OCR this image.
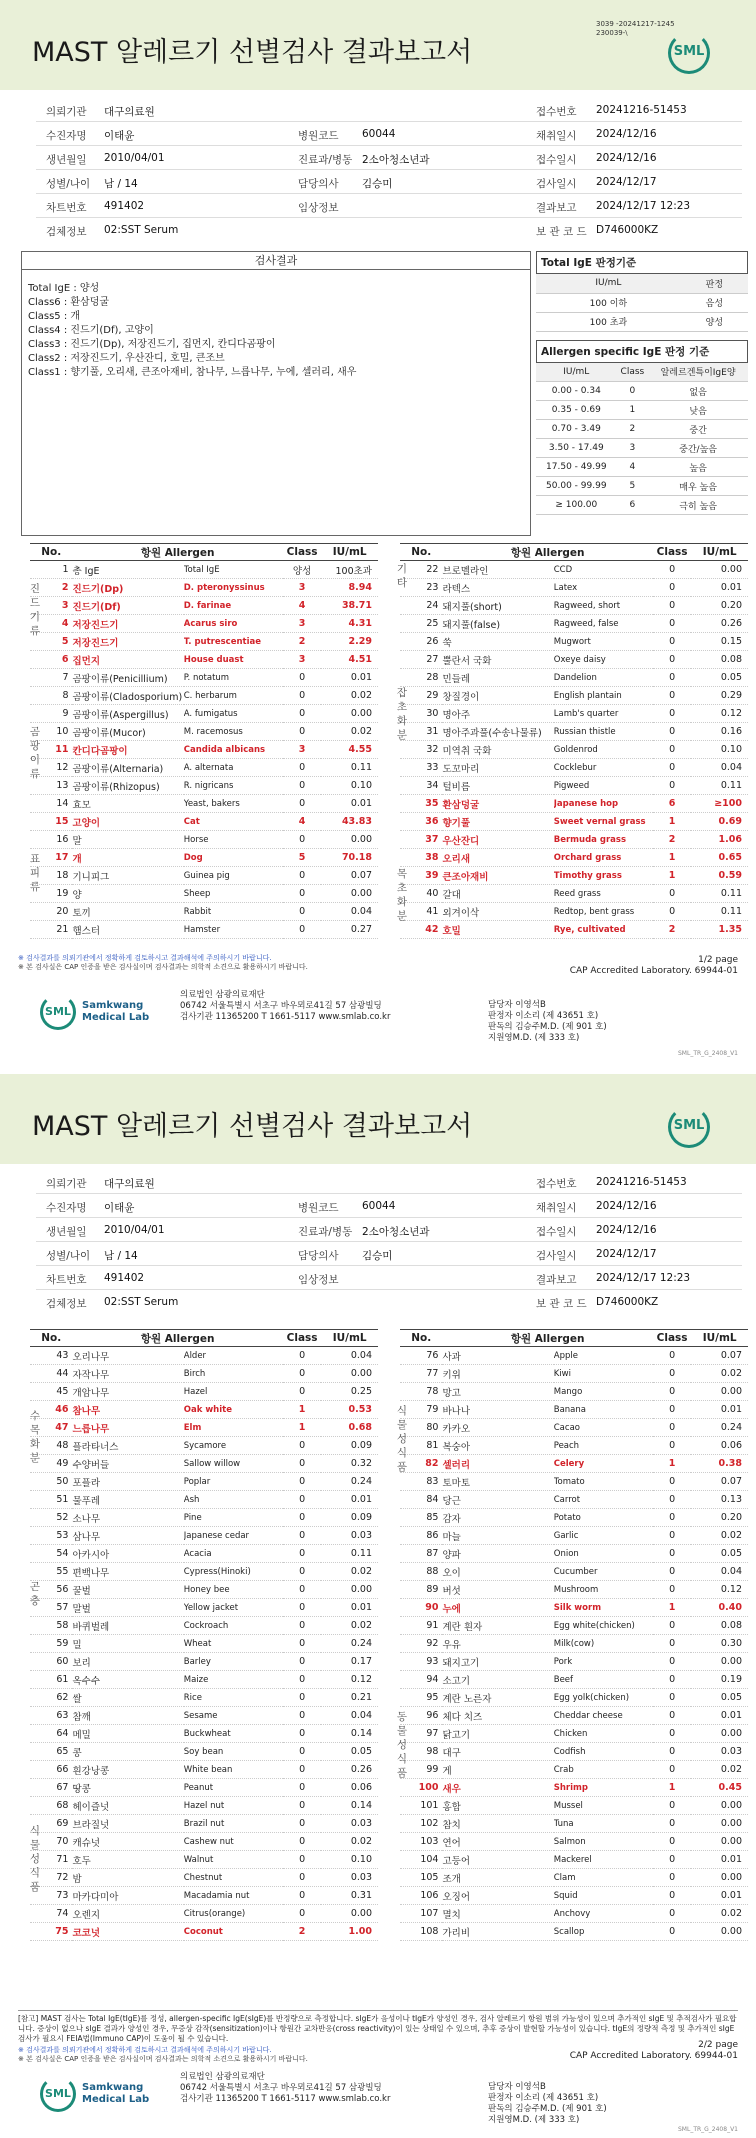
MAST 알레르기 선별검사 결과보고서
3039 -20241217-1245
230039-\
SML
의뢰기관 대구의료원	접수번호 20241216-51453
수진자명 이태윤	병원코드 60044	채취일시 2024/12/16
생년월일 2010/04/01	진료과/병동 2소아청소년과	접수일시 2024/12/16
성별/나이 남 / 14	담당의사 김승미	검사일시 2024/12/17
차트번호 491402	임상정보	결과보고 2024/12/17 12:23
검체정보 02:SST Serum	보 관 코 드 D746000KZ
검사결과
Total IgE : 양성
Class6 : 환삼덩굴
Class5 : 개
Class4 : 진드기(Df), 고양이
Class3 : 진드기(Dp), 저장진드기, 집먼지, 칸디다곰팡이
Class2 : 저장진드기, 우산잔디, 호밀, 큰조브
Class1 : 향기풀, 오리새, 큰조아재비, 참나무, 느릅나무, 누에, 셀러리, 새우
Total IgE 판정기준
IU/mL	판정
100 이하	음성
100 초과	양성
Allergen specific IgE 판정 기준
IU/mL	Class	알레르겐특이IgE양
0.00 - 0.34	0	없음
0.35 - 0.69	1	낮음
0.70 - 3.49	2	중간
3.50 - 17.49	3	중간/높음
17.50 - 49.99	4	높음
50.00 - 99.99	5	매우 높음
≥ 100.00	6	극히 높음
No.	항원 Allergen		Class	IU/mL
1	총 IgE	Total IgE	양성	100초과
2	진드기(Dp)	D. pteronyssinus	3	8.94
3	진드기(Df)	D. farinae	4	38.71
4	저장진드기	Acarus siro	3	4.31
5	저장진드기	T. putrescentiae	2	2.29
6	집먼지	House duast	3	4.51
7	곰팡이류(Penicillium)	P. notatum	0	0.01
8	곰팡이류(Cladosporium)	C. herbarum	0	0.02
9	곰팡이류(Aspergillus)	A. fumigatus	0	0.00
10	곰팡이류(Mucor)	M. racemosus	0	0.02
11	칸디다곰팡이	Candida albicans	3	4.55
12	곰팡이류(Alternaria)	A. alternata	0	0.11
13	곰팡이류(Rhizopus)	R. nigricans	0	0.10
14	효모	Yeast, bakers	0	0.01
15	고양이	Cat	4	43.83
16	말	Horse	0	0.00
17	개	Dog	5	70.18
18	기니피그	Guinea pig	0	0.07
19	양	Sheep	0	0.00
20	토끼	Rabbit	0	0.04
21	햄스터	Hamster	0	0.27
No.	항원 Allergen		Class	IU/mL
22	브로멜라인	CCD	0	0.00
23	라텍스	Latex	0	0.01
24	돼지풀(short)	Ragweed, short	0	0.20
25	돼지풀(false)	Ragweed, false	0	0.26
26	쑥	Mugwort	0	0.15
27	뿔란서 국화	Oxeye daisy	0	0.08
28	민들레	Dandelion	0	0.05
29	창질경이	English plantain	0	0.29
30	명아주	Lamb's quarter	0	0.12
31	명아주과풀(수송나물류)	Russian thistle	0	0.16
32	미역취 국화	Goldenrod	0	0.10
33	도꼬마리	Cocklebur	0	0.04
34	털비름	Pigweed	0	0.11
35	환삼덩굴	Japanese hop	6	≥100
36	향기풀	Sweet vernal grass	1	0.69
37	우산잔디	Bermuda grass	2	1.06
38	오리새	Orchard grass	1	0.65
39	큰조아재비	Timothy grass	1	0.59
40	갈대	Reed grass	0	0.11
41	외겨이삭	Redtop, bent grass	0	0.11
42	호밀	Rye, cultivated	2	1.35
진드기류
곰팡이류
표피류
기타
잡초화분
목초화분
※ 검사결과를 의뢰기관에서 정확하게 검토하시고 결과해석에 주의하시기 바랍니다.
※ 본 검사실은 CAP 인증을 받은 검사실이며 검사결과는 의학적 소견으로 활용하시기 바랍니다.
1/2 page
CAP Accredited Laboratory. 69944-01
SML	Samkwang
Medical Lab
의료법인 삼광의료재단
06742 서울특별시 서초구 바우뫼로41길 57 삼광빌딩
검사기관 11365200 T 1661-5117 www.smlab.co.kr
담당자 이영석B
판정자 이소리 (제 43651 호)
판독의 김승주M.D. (제 901 호)
지원영M.D. (제 333 호)
SML_TR_G_2408_V1
MAST 알레르기 선별검사 결과보고서	SML
의뢰기관 대구의료원	접수번호 20241216-51453
수진자명 이태윤	병원코드 60044	채취일시 2024/12/16
생년월일 2010/04/01	진료과/병동 2소아청소년과	접수일시 2024/12/16
성별/나이 남 / 14	담당의사 김승미	검사일시 2024/12/17
차트번호 491402	임상정보	결과보고 2024/12/17 12:23
검체정보 02:SST Serum	보 관 코 드 D746000KZ
No.	항원 Allergen		Class	IU/mL
43	오리나무	Alder	0	0.04
44	자작나무	Birch	0	0.00
45	개암나무	Hazel	0	0.25
46	참나무	Oak white	1	0.53
47	느릅나무	Elm	1	0.68
48	플라타너스	Sycamore	0	0.09
49	수양버들	Sallow willow	0	0.32
50	포플라	Poplar	0	0.24
51	물푸레	Ash	0	0.01
52	소나무	Pine	0	0.09
53	삼나무	Japanese cedar	0	0.03
54	아카시아	Acacia	0	0.11
55	편백나무	Cypress(Hinoki)	0	0.02
56	꿀벌	Honey bee	0	0.00
57	말벌	Yellow jacket	0	0.01
58	바퀴벌레	Cockroach	0	0.02
59	밀	Wheat	0	0.24
60	보리	Barley	0	0.17
61	옥수수	Maize	0	0.12
62	쌀	Rice	0	0.21
63	참깨	Sesame	0	0.04
64	메밀	Buckwheat	0	0.14
65	콩	Soy bean	0	0.05
66	흰강낭콩	White bean	0	0.26
67	땅콩	Peanut	0	0.06
68	헤이즐넛	Hazel nut	0	0.14
69	브라질넛	Brazil nut	0	0.03
70	캐슈넛	Cashew nut	0	0.02
71	호두	Walnut	0	0.10
72	밤	Chestnut	0	0.03
73	마카다미아	Macadamia nut	0	0.31
74	오렌지	Citrus(orange)	0	0.00
75	코코넛	Coconut	2	1.00
No.	항원 Allergen		Class	IU/mL
76	사과	Apple	0	0.07
77	키위	Kiwi	0	0.02
78	망고	Mango	0	0.00
79	바나나	Banana	0	0.01
80	카카오	Cacao	0	0.24
81	복숭아	Peach	0	0.06
82	셀러리	Celery	1	0.38
83	토마토	Tomato	0	0.07
84	당근	Carrot	0	0.13
85	감자	Potato	0	0.20
86	마늘	Garlic	0	0.02
87	양파	Onion	0	0.05
88	오이	Cucumber	0	0.04
89	버섯	Mushroom	0	0.12
90	누에	Silk worm	1	0.40
91	계란 흰자	Egg white(chicken)	0	0.08
92	우유	Milk(cow)	0	0.30
93	돼지고기	Pork	0	0.00
94	소고기	Beef	0	0.19
95	계란 노른자	Egg yolk(chicken)	0	0.05
96	체다 치즈	Cheddar cheese	0	0.01
97	닭고기	Chicken	0	0.00
98	대구	Codfish	0	0.03
99	게	Crab	0	0.02
100	새우	Shrimp	1	0.45
101	홍합	Mussel	0	0.00
102	참치	Tuna	0	0.00
103	연어	Salmon	0	0.00
104	고등어	Mackerel	0	0.01
105	조개	Clam	0	0.00
106	오징어	Squid	0	0.01
107	멸치	Anchovy	0	0.02
108	가리비	Scallop	0	0.00
수목화분
곤충
식물성식품
식물성식품
동물성식품
[참고] MAST 검사는 Total IgE(tIgE)를 정성, allergen-specific IgE(sIgE)를 반정량으로 측정합니다. sIgE가 음성이나 tIgE가 양성인 경우, 검사 알레르기 항원 범위 가능성이 있으며 추가적인 sIgE 및 추적검사가 필요합니다. 증상이 없으나 sIgE 결과가 양성인 경우, 무증상 감작(sensitization)이나 항원간 교차반응(cross reactivity)이 있는 상태일 수 있으며, 추후 증상이 발현할 가능성이 있습니다. tIgE의 정량적 측정 및 추가적인 sIgE 검사가 필요시 FEIA법(Immuno CAP)이 도움이 될 수 있습니다.
※ 검사결과를 의뢰기관에서 정확하게 검토하시고 결과해석에 주의하시기 바랍니다.
※ 본 검사실은 CAP 인증을 받은 검사실이며 검사결과는 의학적 소견으로 활용하시기 바랍니다.
2/2 page
CAP Accredited Laboratory. 69944-01
SML	Samkwang
Medical Lab
의료법인 삼광의료재단
06742 서울특별시 서초구 바우뫼로41길 57 삼광빌딩
검사기관 11365200 T 1661-5117 www.smlab.co.kr
담당자 이영석B
판정자 이소리 (제 43651 호)
판독의 김승주M.D. (제 901 호)
지원영M.D. (제 333 호)
SML_TR_G_2408_V1
